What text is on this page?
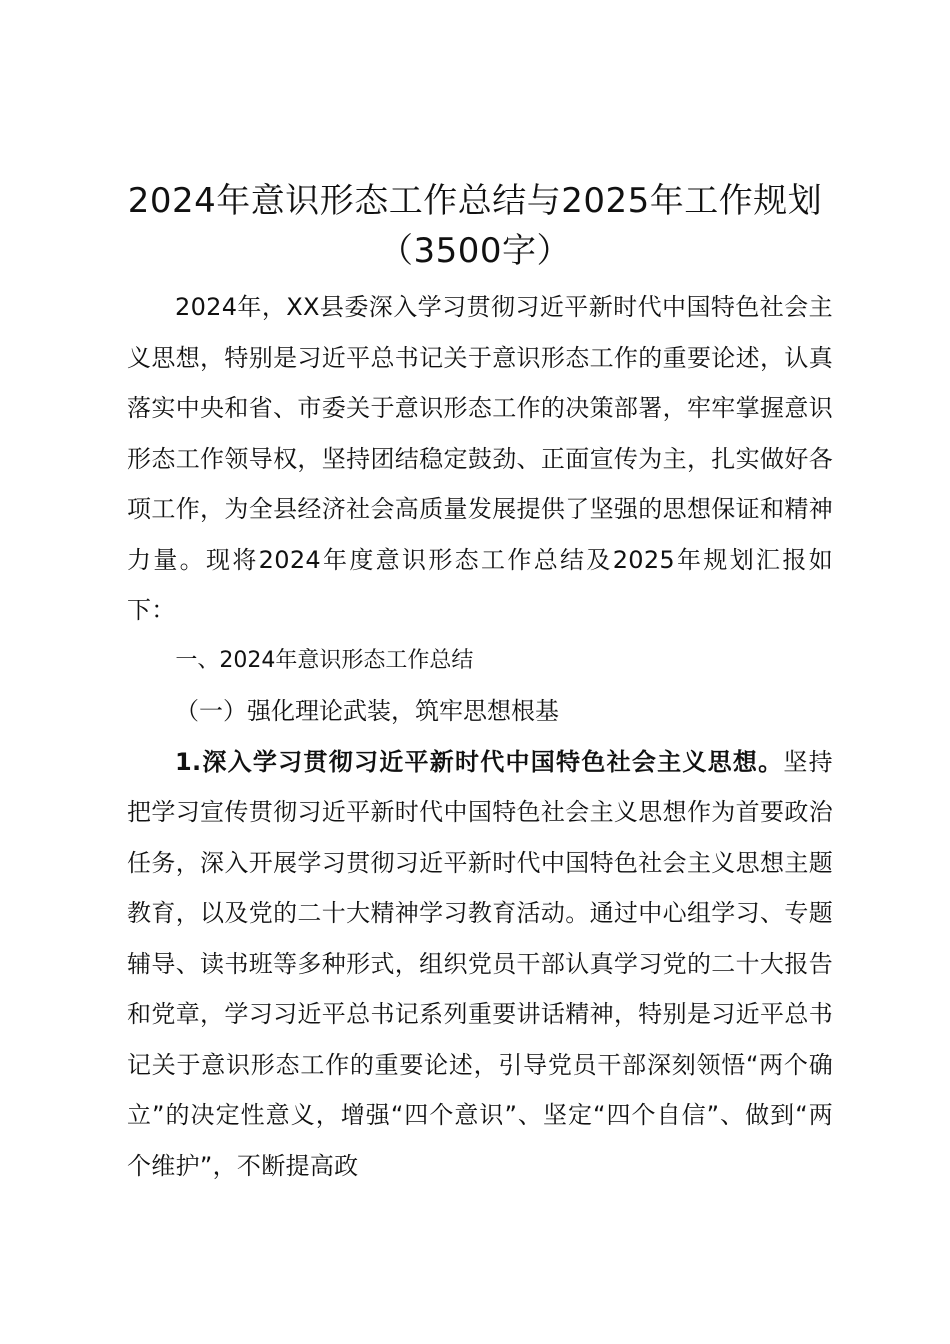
2024年意识形态工作总结与2025年工作规划（3500字）

2024年，XX县委深入学习贯彻习近平新时代中国特色社会主义思想，特别是习近平总书记关于意识形态工作的重要论述，认真落实中央和省、市委关于意识形态工作的决策部署，牢牢掌握意识形态工作领导权，坚持团结稳定鼓劲、正面宣传为主，扎实做好各项工作，为全县经济社会高质量发展提供了坚强的思想保证和精神力量。现将2024年度意识形态工作总结及2025年规划汇报如下：

一、2024年意识形态工作总结

（一）强化理论武装，筑牢思想根基

1.深入学习贯彻习近平新时代中国特色社会主义思想。坚持把学习宣传贯彻习近平新时代中国特色社会主义思想作为首要政治任务，深入开展学习贯彻习近平新时代中国特色社会主义思想主题教育，以及党的二十大精神学习教育活动。通过中心组学习、专题辅导、读书班等多种形式，组织党员干部认真学习党的二十大报告和党章，学习习近平总书记系列重要讲话精神，特别是习近平总书记关于意识形态工作的重要论述，引导党员干部深刻领悟“两个确立”的决定性意义，增强“四个意识”、坚定“四个自信”、做到“两个维护”，不断提高政
